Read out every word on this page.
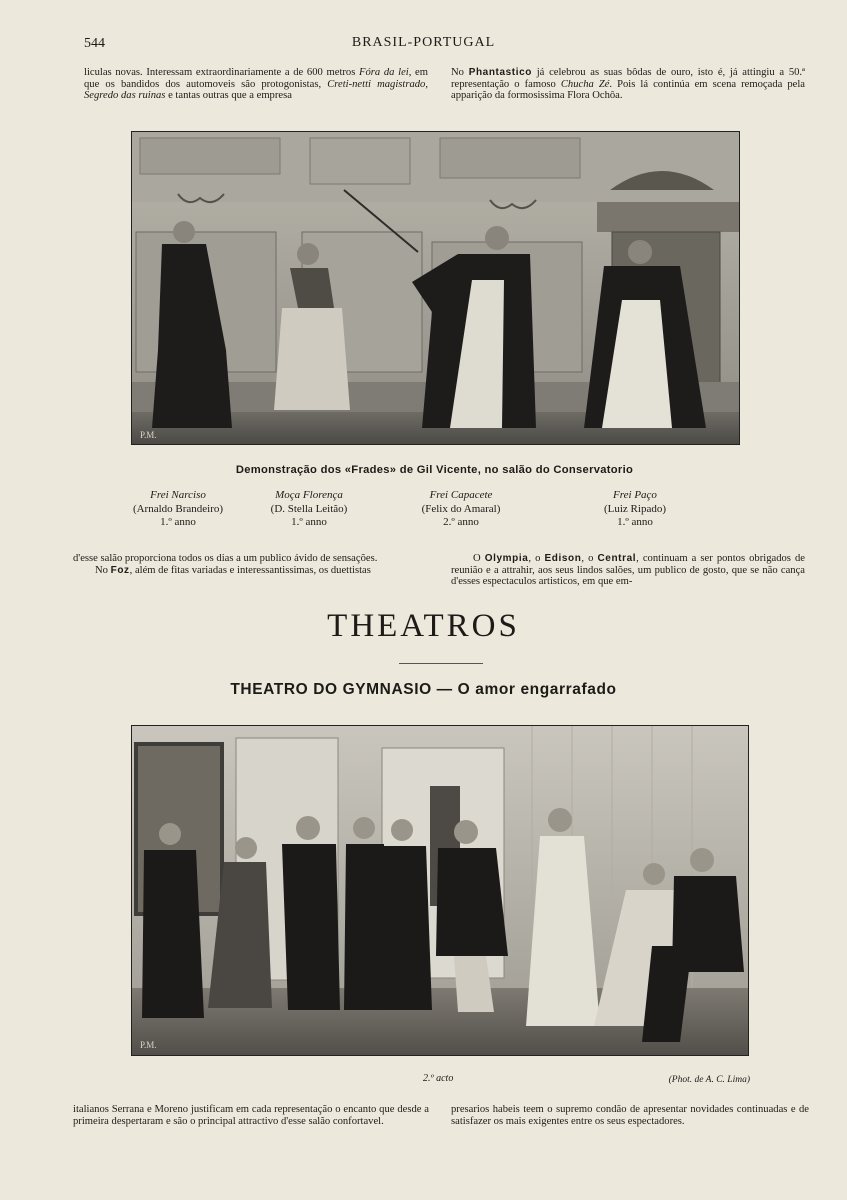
544	BRASIL-PORTUGAL
liculas novas. Interessam extraordinariamente a de 600 metros Fóra da lei, em que os bandidos dos automoveis são protogonistas, Creti-netti magistrado, Segredo das ruinas e tantas outras que a empresa
No Phantastico já celebrou as suas bôdas de ouro, isto é, já attingiu a 50.ª representação o famoso Chucha Zé. Pois lá continúa em scena remoçada pela apparição da formosissima Flora Ochôa.
P.M.
Demonstração dos «Frades» de Gil Vicente, no salão do Conservatorio
Frei Narciso
(Arnaldo Brandeiro)
1.º anno
Moça Florença
(D. Stella Leitão)
1.º anno
Frei Capacete
(Felix do Amaral)
2.º anno
Frei Paço
(Luiz Ripado)
1.º anno
d'esse salão proporciona todos os dias a um publico ávido de sensações.
No Foz, além de fitas variadas e interessantissimas, os duettistas
O Olympia, o Edison, o Central, continuam a ser pontos obrigados de reunião e a attrahir, aos seus lindos salões, um publico de gosto, que se não cança d'esses espectaculos artisticos, em que em-
THEATROS
THEATRO DO GYMNASIO — O amor engarrafado
P.M.
2.º acto	(Phot. de A. C. Lima)
italianos Serrana e Moreno justificam em cada representação o encanto que desde a primeira despertaram e são o principal attractivo d'esse salão confortavel.
presarios habeis teem o supremo condão de apresentar novidades continuadas e de satisfazer os mais exigentes entre os seus espectadores.
